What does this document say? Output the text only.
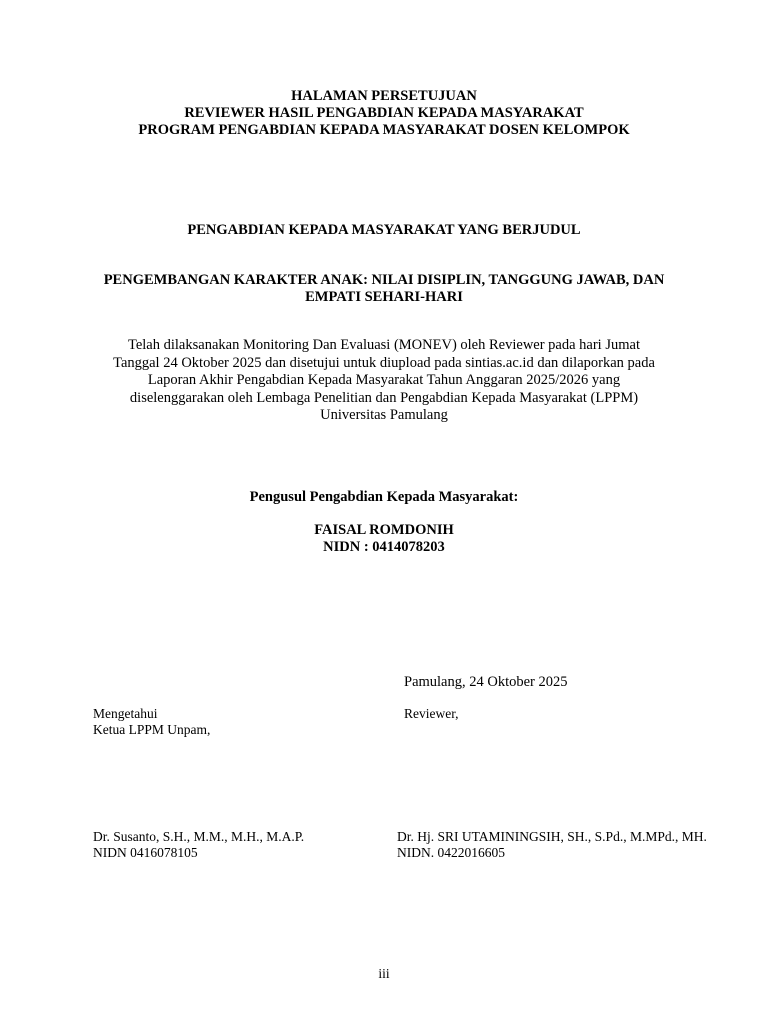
HALAMAN PERSETUJUAN
REVIEWER HASIL PENGABDIAN KEPADA MASYARAKAT
PROGRAM PENGABDIAN KEPADA MASYARAKAT DOSEN KELOMPOK
PENGABDIAN KEPADA MASYARAKAT YANG BERJUDUL
PENGEMBANGAN KARAKTER ANAK: NILAI DISIPLIN, TANGGUNG JAWAB, DAN
EMPATI SEHARI-HARI
Telah dilaksanakan Monitoring Dan Evaluasi (MONEV) oleh Reviewer pada hari Jumat
Tanggal 24 Oktober 2025 dan disetujui untuk diupload pada sintias.ac.id dan dilaporkan pada
Laporan Akhir Pengabdian Kepada Masyarakat Tahun Anggaran 2025/2026 yang
diselenggarakan oleh Lembaga Penelitian dan Pengabdian Kepada Masyarakat (LPPM)
Universitas Pamulang
Pengusul Pengabdian Kepada Masyarakat:
FAISAL ROMDONIH
NIDN : 0414078203
Pamulang, 24 Oktober 2025
Mengetahui
Ketua LPPM Unpam,
Reviewer,
Dr. Susanto, S.H., M.M., M.H., M.A.P.
NIDN 0416078105
Dr. Hj. SRI UTAMININGSIH, SH., S.Pd., M.MPd., MH.
NIDN. 0422016605
iii
